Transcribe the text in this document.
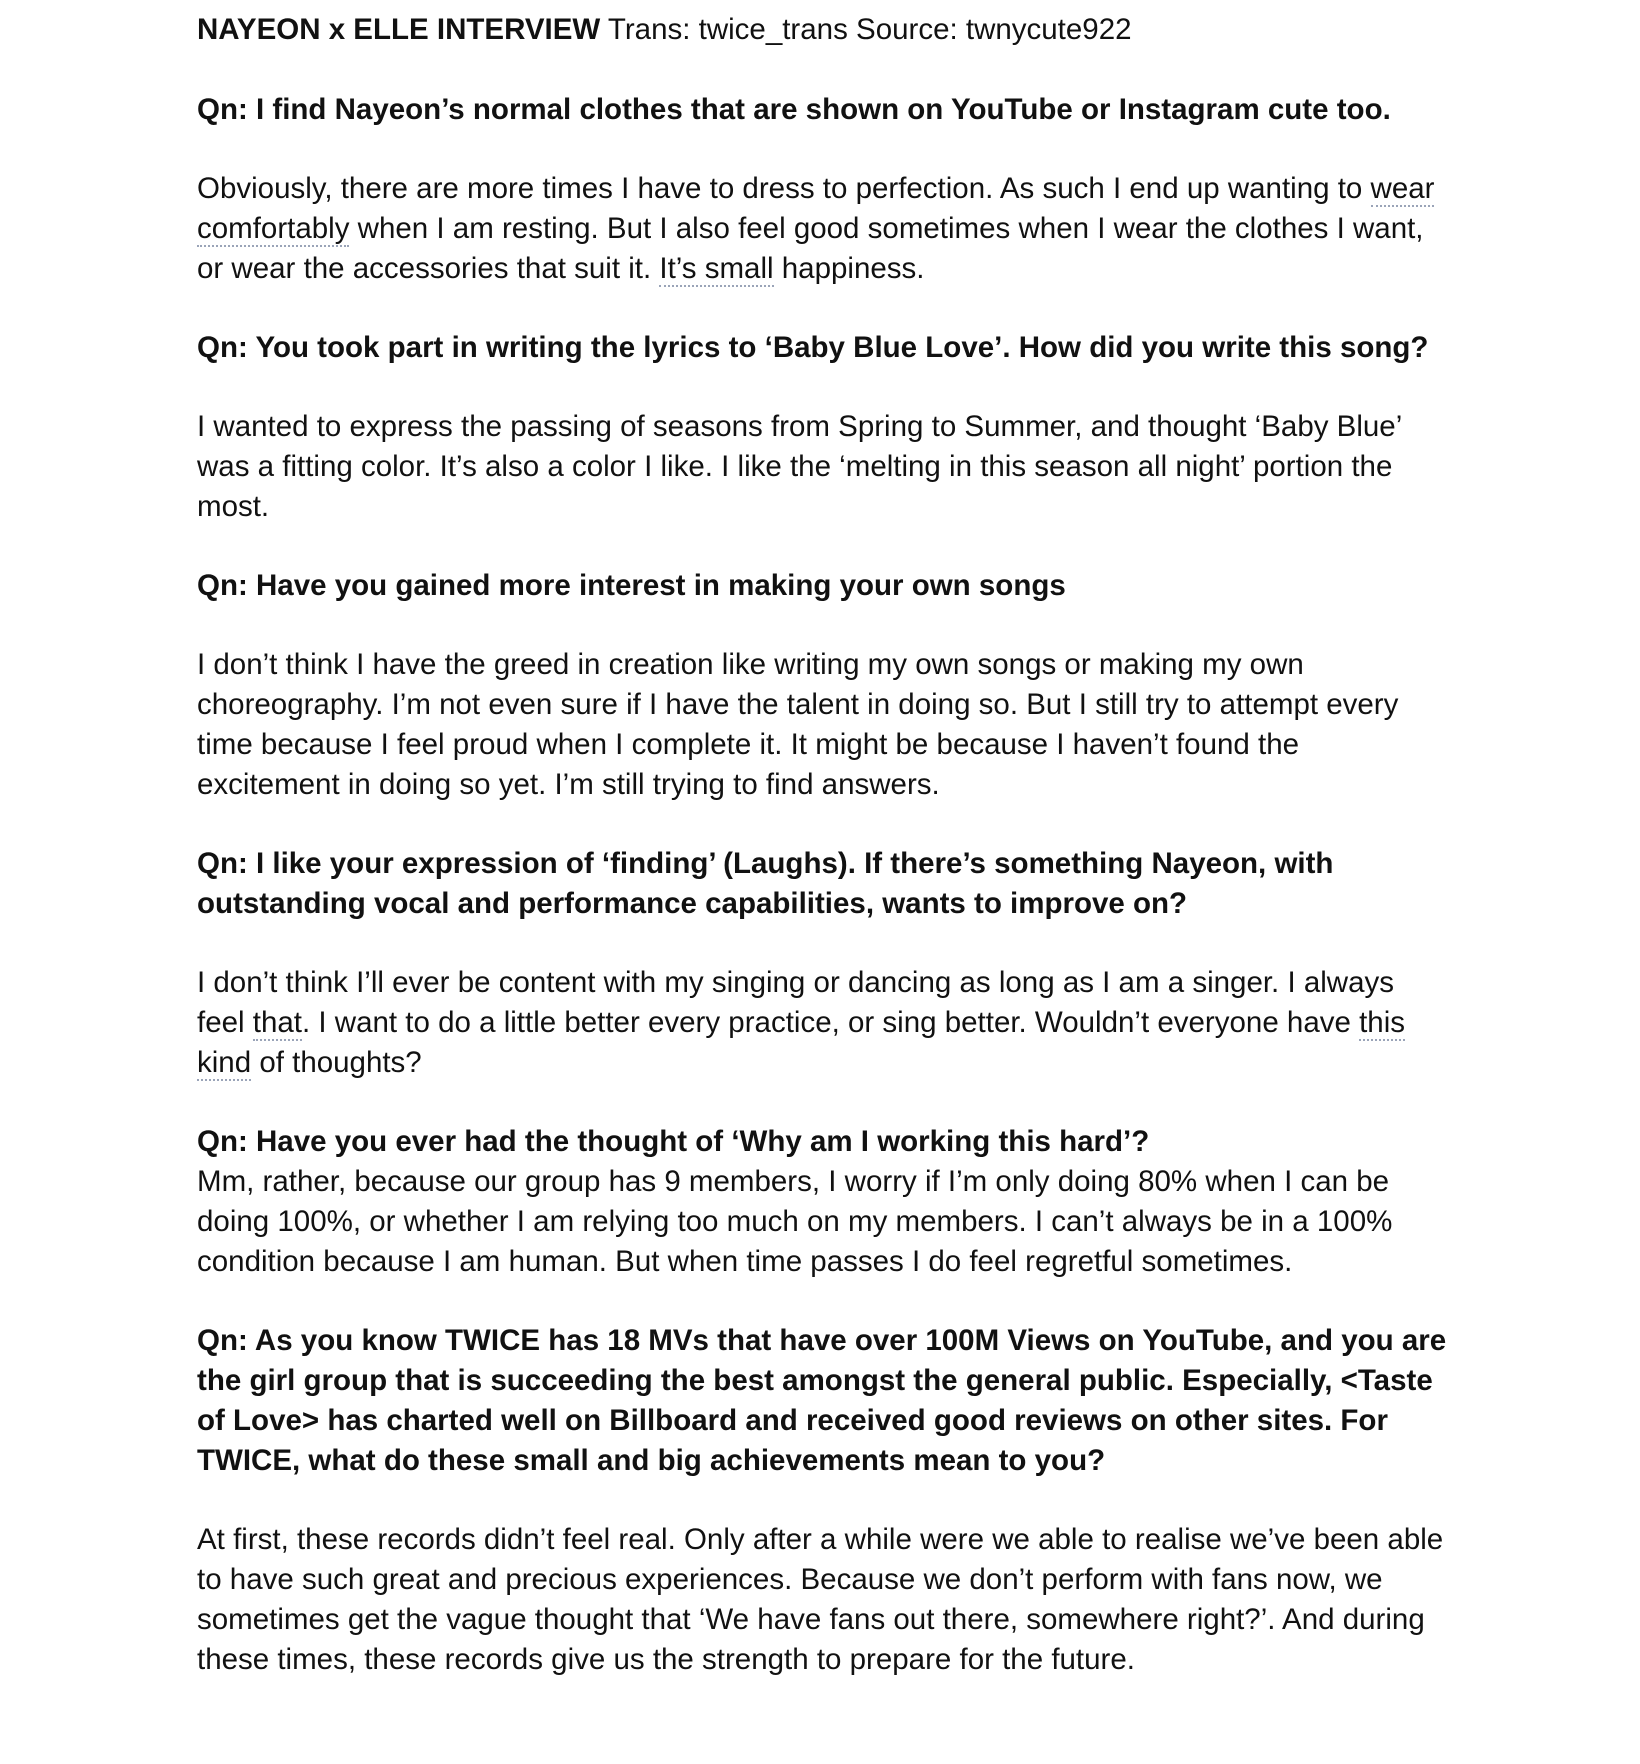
NAYEON x ELLE INTERVIEW Trans: twice_trans Source: twnycute922
Qn: I find Nayeon’s normal clothes that are shown on YouTube or Instagram cute too.
Obviously, there are more times I have to dress to perfection. As such I end up wanting to wear comfortably when I am resting. But I also feel good sometimes when I wear the clothes I want, or wear the accessories that suit it. It’s small happiness.
Qn: You took part in writing the lyrics to ‘Baby Blue Love’. How did you write this song?
I wanted to express the passing of seasons from Spring to Summer, and thought ‘Baby Blue’ was a fitting color. It’s also a color I like. I like the ‘melting in this season all night’ portion the most.
Qn: Have you gained more interest in making your own songs
I don’t think I have the greed in creation like writing my own songs or making my own choreography. I’m not even sure if I have the talent in doing so. But I still try to attempt every time because I feel proud when I complete it. It might be because I haven’t found the excitement in doing so yet. I’m still trying to find answers.
Qn: I like your expression of ‘finding’ (Laughs). If there’s something Nayeon, with outstanding vocal and performance capabilities, wants to improve on?
I don’t think I’ll ever be content with my singing or dancing as long as I am a singer. I always feel that. I want to do a little better every practice, or sing better. Wouldn’t everyone have this kind of thoughts?
Qn: Have you ever had the thought of ‘Why am I working this hard’?
Mm, rather, because our group has 9 members, I worry if I’m only doing 80% when I can be doing 100%, or whether I am relying too much on my members. I can’t always be in a 100% condition because I am human. But when time passes I do feel regretful sometimes.
Qn: As you know TWICE has 18 MVs that have over 100M Views on YouTube, and you are the girl group that is succeeding the best amongst the general public. Especially, <Taste of Love> has charted well on Billboard and received good reviews on other sites. For TWICE, what do these small and big achievements mean to you?
At first, these records didn’t feel real. Only after a while were we able to realise we’ve been able to have such great and precious experiences. Because we don’t perform with fans now, we sometimes get the vague thought that ‘We have fans out there, somewhere right?’. And during these times, these records give us the strength to prepare for the future.
